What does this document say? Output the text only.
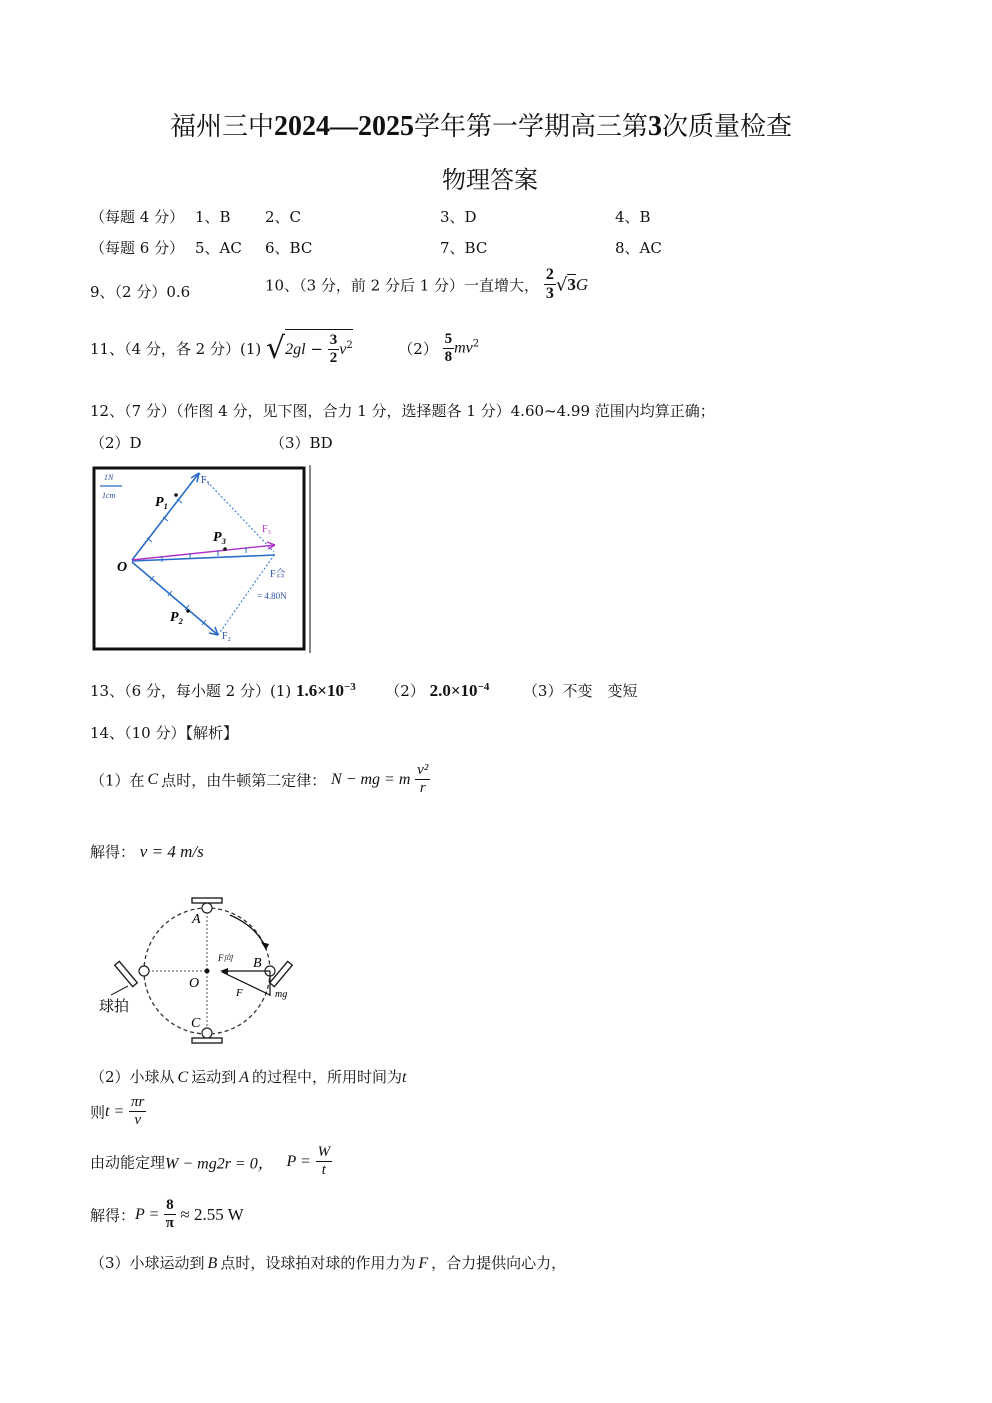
福州三中2024—2025学年第一学期高三第3次质量检查
物理答案
（每题 4 分） 1、B 2、C	3、D	4、B
（每题 6 分） 5、AC 6、BC	7、BC	8、AC
9、（2 分）0.6	10、（3 分，前 2 分后 1 分）一直增大， $\frac{2}{3} √3G$
11、（4 分，各 2 分）(1) $√2gl - \frac{3}{2} v^2$	$(2) \frac{5}{8} mv^2$
12、（7 分）（作图 4 分，见下图，合力 1 分，选择题各 1 分）4.60~4.99 范围内均算正确；
（2）D	（3）BD
1N
1cm
F₁
F₂
F合
= 4.80N
F₃
P₁
P₃
P₂
O
13、（6 分，每小题 2 分）(1) $1.6\times 10^{-3}$ （2） $2.0\times 10^{-4}$ （3）不变　变短
14、（10 分）【解析】
（1）在 C 点时，由牛顿第二定律： N − mg = m $\frac{\text{v²}}{r}$
解得： v = 4 m/s
A
C
球拍
B
O
F向
F	mg
（2）小球从 C 运动到 A 的过程中，所用时间为t
则$t = \frac{\pi r}{v}$
由动能定理W − mg2r = 0， $P = \frac{W}{t}$
解得：$P = \frac{8}{\pi} \approx 2.55$ W
（3）小球运动到 B 点时，设球拍对球的作用力为 F ，合力提供向心力，
